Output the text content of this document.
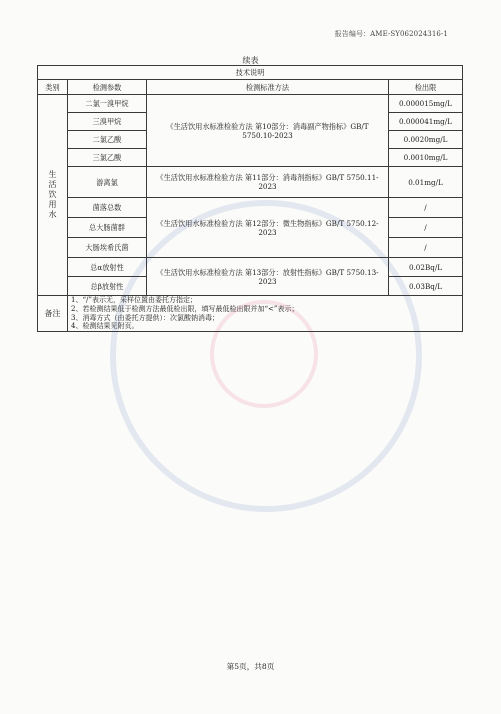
报告编号：AME-SY062024316-1
续表
技术说明			
类别	检测参数	检测标准方法	检出限
生活饮用水	二氯一溴甲烷	《生活饮用水标准检验方法 第10部分：消毒副产物指标》GB/T 5750.10-2023	0.000015mg/L
	三溴甲烷		0.000041mg/L
	二氯乙酸		0.0020mg/L
	三氯乙酸		0.0010mg/L
	游离氯	《生活饮用水标准检验方法 第11部分：消毒剂指标》GB/T 5750.11-2023	0.01mg/L
	菌落总数	《生活饮用水标准检验方法 第12部分：微生物指标》GB/T 5750.12-2023	/
	总大肠菌群		/
	大肠埃希氏菌		/
	总α放射性	《生活饮用水标准检验方法 第13部分：放射性指标》GB/T 5750.13-2023	0.02Bq/L
	总β放射性		0.03Bq/L
备注	1、“/”表示无，采样位置由委托方指定；
2、若检测结果低于检测方法最低检出限，填写最低检出限并加“<”表示；
3、消毒方式（由委托方提供）：次氯酸钠消毒；
4、检测结果见附页。		
第5页，共8页
